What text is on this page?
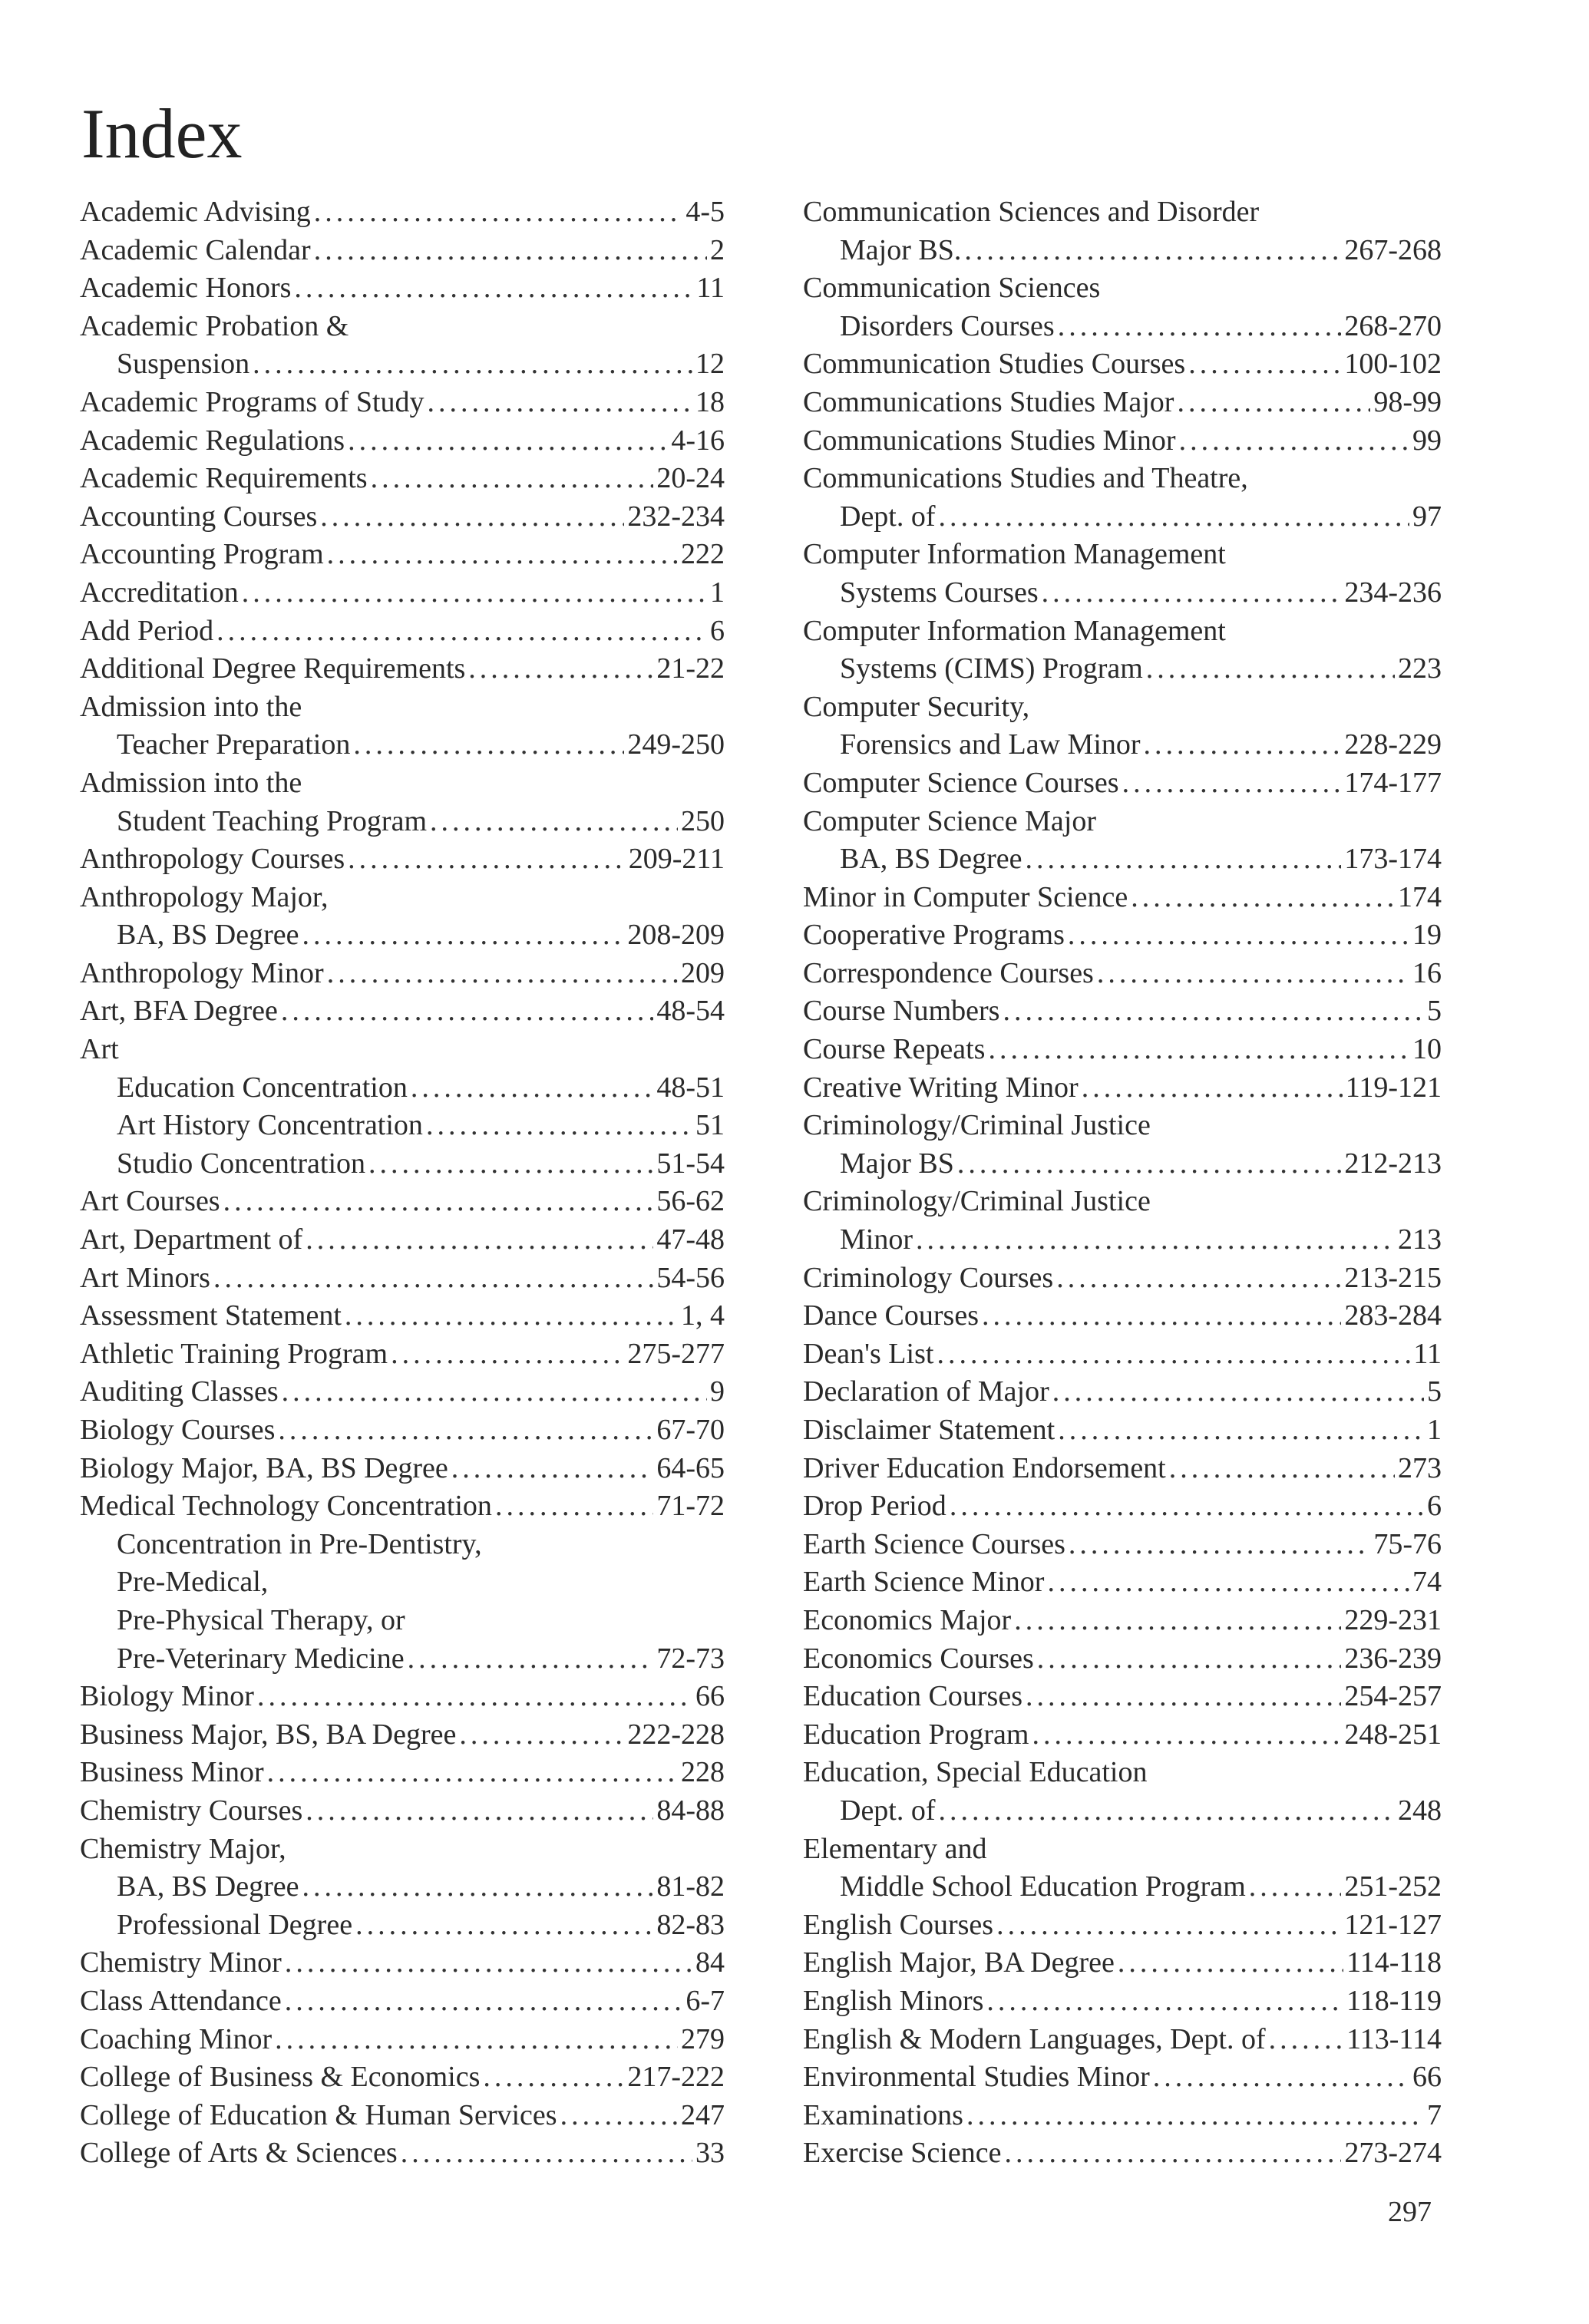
Index
Academic Advising .....	4-5
Academic Calendar .....	2
Academic Honors .....	11
Academic Probation &
Suspension .....	12
Academic Programs of Study .....	18
Academic Regulations .....	4-16
Academic Requirements .....	20-24
Accounting Courses .....	232-234
Accounting Program .....	222
Accreditation .....	1
Add Period .....	6
Additional Degree Requirements .....	21-22
Admission into the
Teacher Preparation .....	249-250
Admission into the
Student Teaching Program .....	250
Anthropology Courses .....	209-211
Anthropology Major,
BA, BS Degree .....	208-209
Anthropology Minor .....	209
Art, BFA Degree .....	48-54
Art
Education Concentration .....	48-51
Art History Concentration .....	51
Studio Concentration .....	51-54
Art Courses .....	56-62
Art, Department of .....	47-48
Art Minors .....	54-56
Assessment Statement .....	1, 4
Athletic Training Program .....	275-277
Auditing Classes .....	9
Biology Courses .....	67-70
Biology Major, BA, BS Degree .....	64-65
Medical Technology Concentration .....	71-72
Concentration in Pre-Dentistry,
Pre-Medical,
Pre-Physical Therapy, or
Pre-Veterinary Medicine .....	72-73
Biology Minor .....	66
Business Major, BS, BA Degree .....	222-228
Business Minor .....	228
Chemistry Courses .....	84-88
Chemistry Major,
BA, BS Degree .....	81-82
Professional Degree .....	82-83
Chemistry Minor .....	84
Class Attendance .....	6-7
Coaching Minor .....	279
College of Business & Economics .....	217-222
College of Education & Human Services .....	247
College of Arts & Sciences .....	33
Communication Sciences and Disorder
Major BS. .....	267-268
Communication Sciences
Disorders Courses .....	268-270
Communication Studies Courses .....	100-102
Communications Studies Major .....	98-99
Communications Studies Minor .....	99
Communications Studies and Theatre,
Dept. of .....	97
Computer Information Management
Systems Courses .....	234-236
Computer Information Management
Systems (CIMS) Program .....	223
Computer Security,
Forensics and Law Minor .....	228-229
Computer Science Courses .....	174-177
Computer Science Major
BA, BS Degree .....	173-174
Minor in Computer Science .....	174
Cooperative Programs .....	19
Correspondence Courses .....	16
Course Numbers .....	5
Course Repeats .....	10
Creative Writing Minor .....	119-121
Criminology/Criminal Justice
Major BS .....	212-213
Criminology/Criminal Justice
Minor .....	213
Criminology Courses .....	213-215
Dance Courses .....	283-284
Dean's List .....	11
Declaration of Major .....	5
Disclaimer Statement .....	1
Driver Education Endorsement .....	273
Drop Period .....	6
Earth Science Courses .....	75-76
Earth Science Minor .....	74
Economics Major .....	229-231
Economics Courses .....	236-239
Education Courses .....	254-257
Education Program .....	248-251
Education, Special Education
Dept. of .....	248
Elementary and
Middle School Education Program .....	251-252
English Courses .....	121-127
English Major, BA Degree .....	114-118
English Minors .....	118-119
English & Modern Languages, Dept. of .....	113-114
Environmental Studies Minor .....	66
Examinations .....	7
Exercise Science .....	273-274
297
